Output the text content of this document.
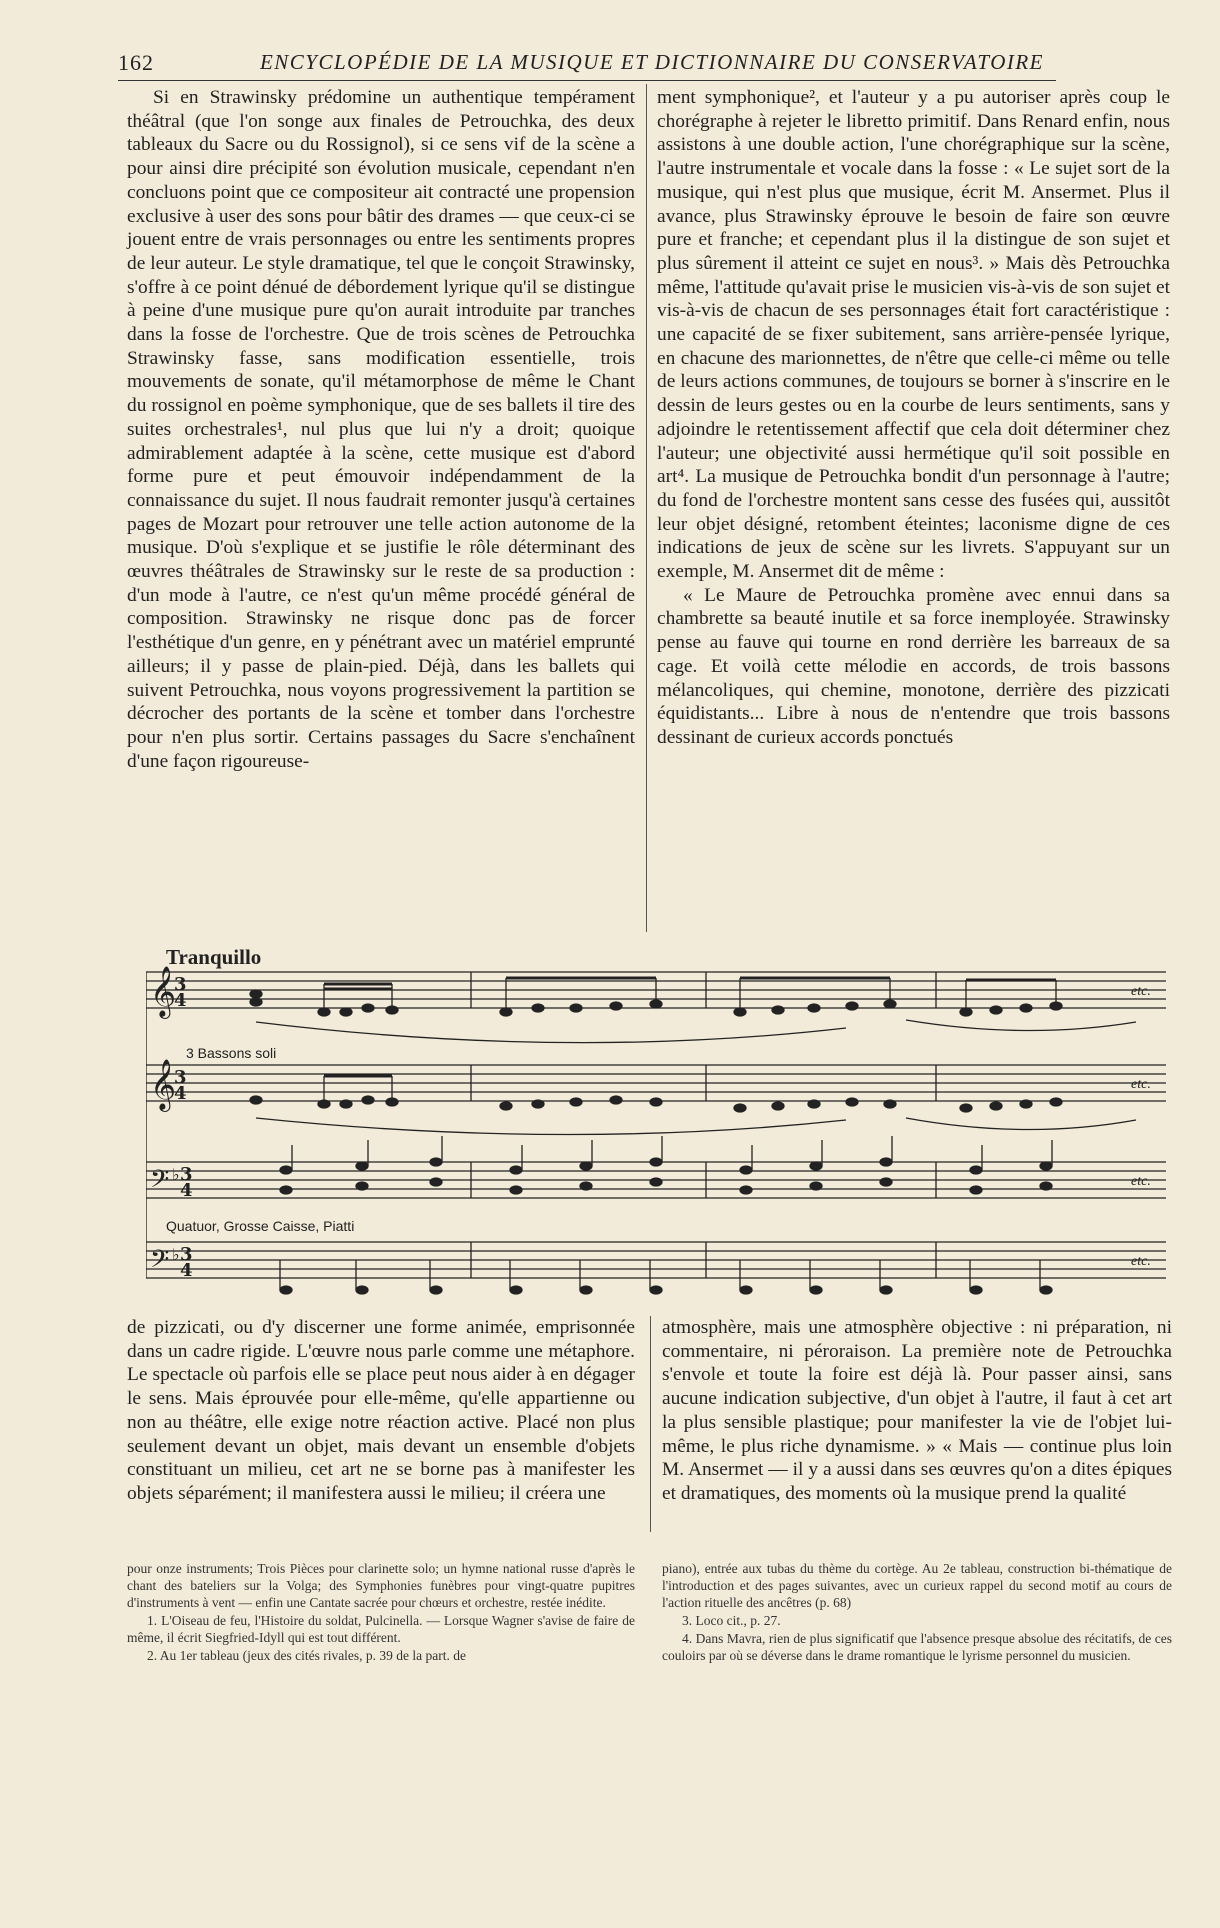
162	ENCYCLOPÉDIE DE LA MUSIQUE ET DICTIONNAIRE DU CONSERVATOIRE

Si en Strawinsky prédomine un authentique tempérament théâtral (que l'on songe aux finales de Petrouchka, des deux tableaux du Sacre ou du Rossignol), si ce sens vif de la scène a pour ainsi dire précipité son évolution musicale, cependant n'en concluons point que ce compositeur ait contracté une propension exclusive à user des sons pour bâtir des drames — que ceux-ci se jouent entre de vrais personnages ou entre les sentiments propres de leur auteur. Le style dramatique, tel que le conçoit Strawinsky, s'offre à ce point dénué de débordement lyrique qu'il se distingue à peine d'une musique pure qu'on aurait introduite par tranches dans la fosse de l'orchestre. Que de trois scènes de Petrouchka Strawinsky fasse, sans modification essentielle, trois mouvements de sonate, qu'il métamorphose de même le Chant du rossignol en poème symphonique, que de ses ballets il tire des suites orchestrales¹, nul plus que lui n'y a droit; quoique admirablement adaptée à la scène, cette musique est d'abord forme pure et peut émouvoir indépendamment de la connaissance du sujet. Il nous faudrait remonter jusqu'à certaines pages de Mozart pour retrouver une telle action autonome de la musique. D'où s'explique et se justifie le rôle déterminant des œuvres théâtrales de Strawinsky sur le reste de sa production : d'un mode à l'autre, ce n'est qu'un même procédé général de composition. Strawinsky ne risque donc pas de forcer l'esthétique d'un genre, en y pénétrant avec un matériel emprunté ailleurs; il y passe de plain-pied. Déjà, dans les ballets qui suivent Petrouchka, nous voyons progressivement la partition se décrocher des portants de la scène et tomber dans l'orchestre pour n'en plus sortir. Certains passages du Sacre s'enchaînent d'une façon rigoureuse-

ment symphonique², et l'auteur y a pu autoriser après coup le chorégraphe à rejeter le libretto primitif. Dans Renard enfin, nous assistons à une double action, l'une chorégraphique sur la scène, l'autre instrumentale et vocale dans la fosse : « Le sujet sort de la musique, qui n'est plus que musique, écrit M. Ansermet. Plus il avance, plus Strawinsky éprouve le besoin de faire son œuvre pure et franche; et cependant plus il la distingue de son sujet et plus sûrement il atteint ce sujet en nous³. » Mais dès Petrouchka même, l'attitude qu'avait prise le musicien vis-à-vis de son sujet et vis-à-vis de chacun de ses personnages était fort caractéristique : une capacité de se fixer subitement, sans arrière-pensée lyrique, en chacune des marionnettes, de n'être que celle-ci même ou telle de leurs actions communes, de toujours se borner à s'inscrire en le dessin de leurs gestes ou en la courbe de leurs sentiments, sans y adjoindre le retentissement affectif que cela doit déterminer chez l'auteur; une objectivité aussi hermétique qu'il soit possible en art⁴. La musique de Petrouchka bondit d'un personnage à l'autre; du fond de l'orchestre montent sans cesse des fusées qui, aussitôt leur objet désigné, retombent éteintes; laconisme digne de ces indications de jeux de scène sur les livrets. S'appuyant sur un exemple, M. Ansermet dit de même :

« Le Maure de Petrouchka promène avec ennui dans sa chambrette sa beauté inutile et sa force inemployée. Strawinsky pense au fauve qui tourne en rond derrière les barreaux de sa cage. Et voilà cette mélodie en accords, de trois bassons mélancoliques, qui chemine, monotone, derrière des pizzicati équidistants... Libre à nous de n'entendre que trois bassons dessinant de curieux accords ponctués

𝄞
𝄞
𝄢
𝄢
3
4
3
4
3
4
3
4
♭
♭
Tranquillo
3 Bassons soli
Quatuor, Grosse Caisse, Piatti
etc.
etc.
etc.
etc.

de pizzicati, ou d'y discerner une forme animée, emprisonnée dans un cadre rigide. L'œuvre nous parle comme une métaphore. Le spectacle où parfois elle se place peut nous aider à en dégager le sens. Mais éprouvée pour elle-même, qu'elle appartienne ou non au théâtre, elle exige notre réaction active. Placé non plus seulement devant un objet, mais devant un ensemble d'objets constituant un milieu, cet art ne se borne pas à manifester les objets séparément; il manifestera aussi le milieu; il créera une

atmosphère, mais une atmosphère objective : ni préparation, ni commentaire, ni péroraison. La première note de Petrouchka s'envole et toute la foire est déjà là. Pour passer ainsi, sans aucune indication subjective, d'un objet à l'autre, il faut à cet art la plus sensible plastique; pour manifester la vie de l'objet lui-même, le plus riche dynamisme. » « Mais — continue plus loin M. Ansermet — il y a aussi dans ses œuvres qu'on a dites épiques et dramatiques, des moments où la musique prend la qualité

pour onze instruments; Trois Pièces pour clarinette solo; un hymne national russe d'après le chant des bateliers sur la Volga; des Symphonies funèbres pour vingt-quatre pupitres d'instruments à vent — enfin une Cantate sacrée pour chœurs et orchestre, restée inédite.

1. L'Oiseau de feu, l'Histoire du soldat, Pulcinella. — Lorsque Wagner s'avise de faire de même, il écrit Siegfried-Idyll qui est tout différent.

2. Au 1er tableau (jeux des cités rivales, p. 39 de la part. de

piano), entrée aux tubas du thème du cortège. Au 2e tableau, construction bi-thématique de l'introduction et des pages suivantes, avec un curieux rappel du second motif au cours de l'action rituelle des ancêtres (p. 68)

3. Loco cit., p. 27.

4. Dans Mavra, rien de plus significatif que l'absence presque absolue des récitatifs, de ces couloirs par où se déverse dans le drame romantique le lyrisme personnel du musicien.
